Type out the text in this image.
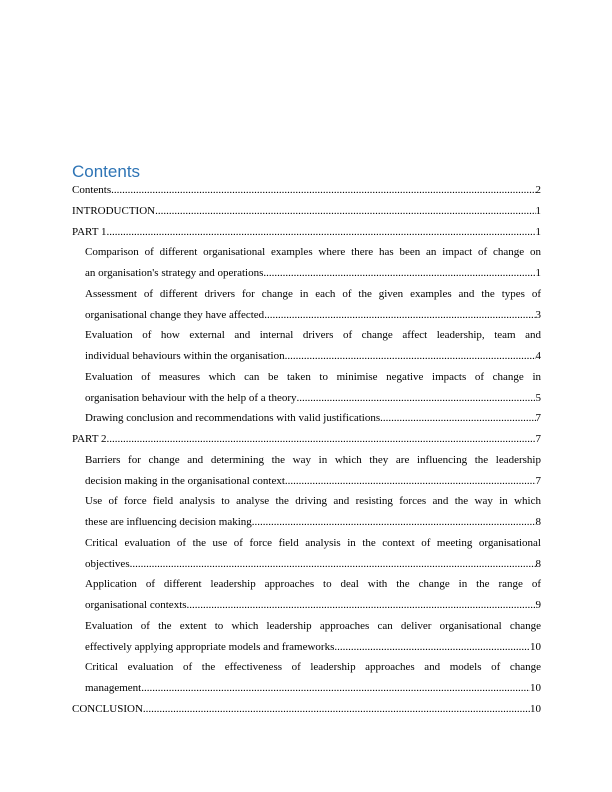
Contents
Contents .....	2
INTRODUCTION .....	1
PART 1 .....	1
Comparison of different organisational examples where there has been an impact of change on
an organisation's strategy and operations .....	1
Assessment of different drivers for change in each of the given examples and the types of
organisational change they have affected .....	3
Evaluation of how external and internal drivers of change affect leadership, team and
individual behaviours within the organisation .....	4
Evaluation of measures which can be taken to minimise negative impacts of change in
organisation behaviour with the help of a theory .....	5
Drawing conclusion and recommendations with valid justifications .....	7
PART 2 .....	7
Barriers for change and determining the way in which they are influencing the leadership
decision making in the organisational context .....	7
Use of force field analysis to analyse the driving and resisting forces and the way in which
these are influencing decision making .....	8
Critical evaluation of the use of force field analysis in the context of meeting organisational
objectives .....	8
Application of different leadership approaches to deal with the change in the range of
organisational contexts .....	9
Evaluation of the extent to which leadership approaches can deliver organisational change
effectively applying appropriate models and frameworks .....	10
Critical evaluation of the effectiveness of leadership approaches and models of change
management .....	10
CONCLUSION .....	10
